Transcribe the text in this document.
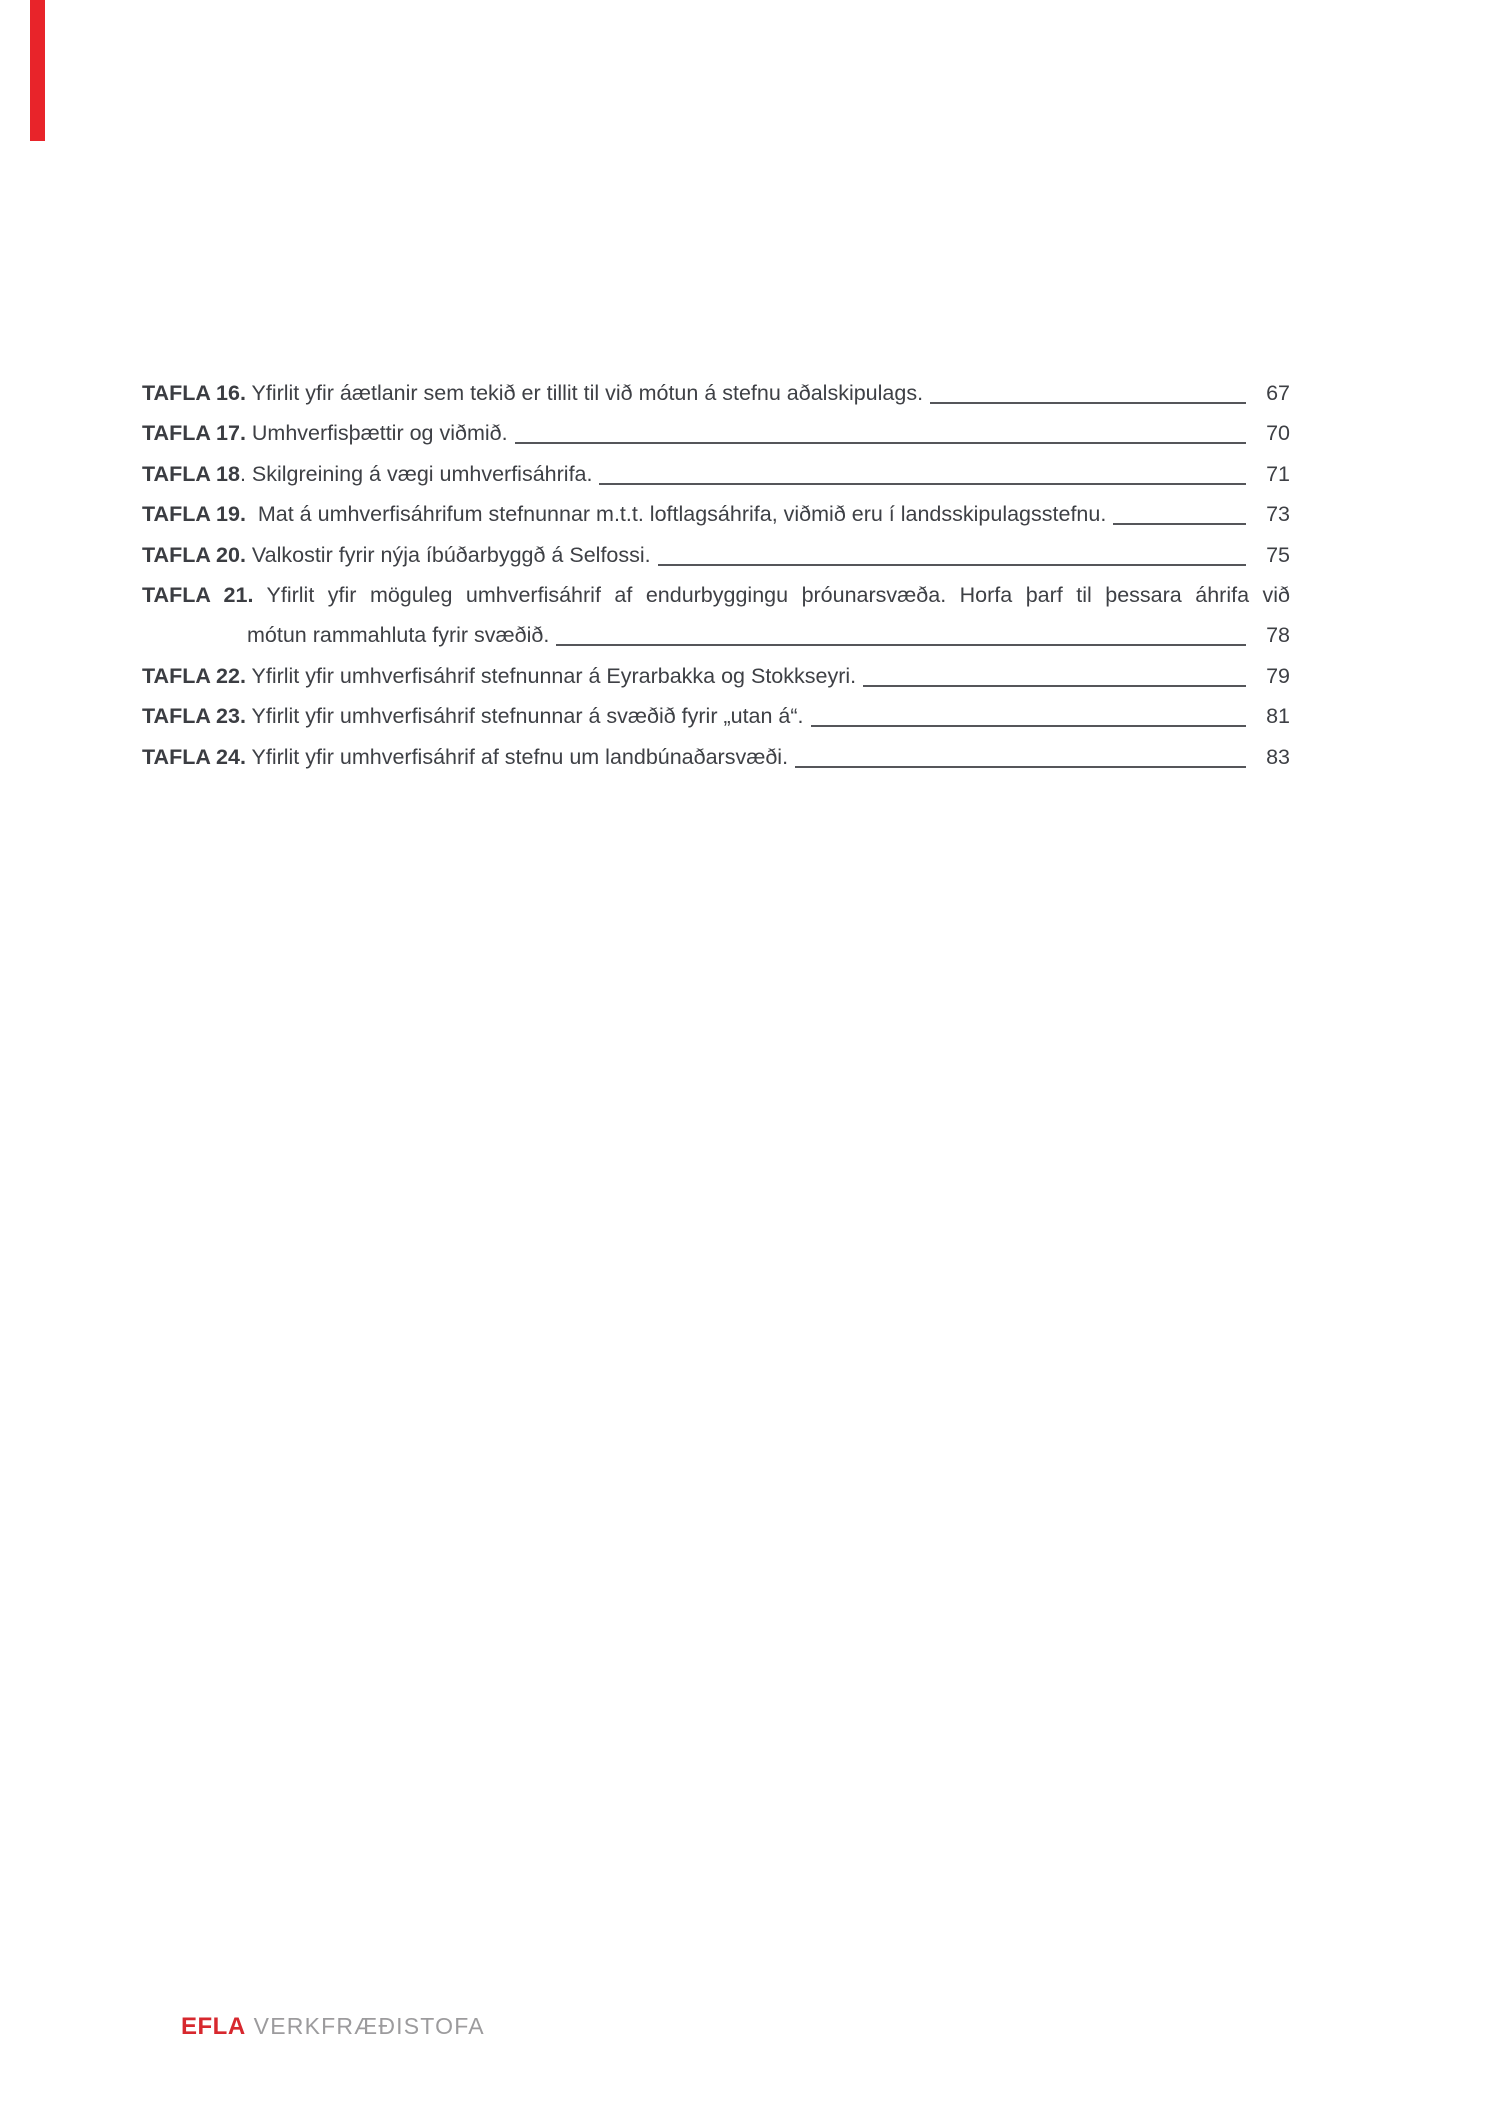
TAFLA 16. Yfirlit yfir áætlanir sem tekið er tillit til við mótun á stefnu aðalskipulags.	67
TAFLA 17. Umhverfisþættir og viðmið.	70
TAFLA 18. Skilgreining á vægi umhverfisáhrifa.	71
TAFLA 19.  Mat á umhverfisáhrifum stefnunnar m.t.t. loftlagsáhrifa, viðmið eru í landsskipulagsstefnu.	73
TAFLA 20. Valkostir fyrir nýja íbúðarbyggð á Selfossi.	75
TAFLA 21. Yfirlit yfir möguleg umhverfisáhrif af endurbyggingu þróunarsvæða. Horfa þarf til þessara áhrifa við
mótun rammahluta fyrir svæðið.	78
TAFLA 22. Yfirlit yfir umhverfisáhrif stefnunnar á Eyrarbakka og Stokkseyri.	79
TAFLA 23. Yfirlit yfir umhverfisáhrif stefnunnar á svæðið fyrir „utan á“.	81
TAFLA 24. Yfirlit yfir umhverfisáhrif af stefnu um landbúnaðarsvæði.	83
EFLA VERKFRÆÐISTOFA
